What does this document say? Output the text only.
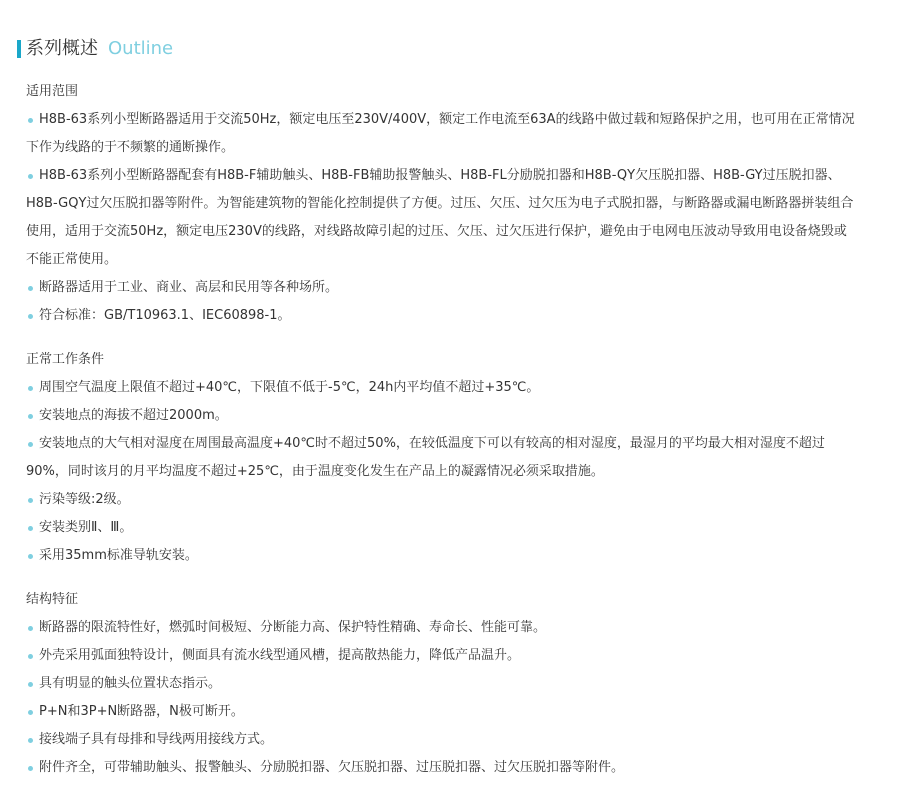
系列概述 Outline
适用范围
H8B-63系列小型断路器适用于交流50Hz，额定电压至230V/400V，额定工作电流至63A的线路中做过载和短路保护之用，也可用在正常情况下作为线路的于不频繁的通断操作。
H8B-63系列小型断路器配套有H8B-F辅助触头、H8B-FB辅助报警触头、H8B-FL分励脱扣器和H8B-QY欠压脱扣器、H8B-GY过压脱扣器、H8B-GQY过欠压脱扣器等附件。为智能建筑物的智能化控制提供了方便。过压、欠压、过欠压为电子式脱扣器，与断路器或漏电断路器拼装组合使用，适用于交流50Hz，额定电压230V的线路，对线路故障引起的过压、欠压、过欠压进行保护，避免由于电网电压波动导致用电设备烧毁或不能正常使用。
断路器适用于工业、商业、高层和民用等各种场所。
符合标准：GB/T10963.1、IEC60898-1。
正常工作条件
周围空气温度上限值不超过+40℃，下限值不低于-5℃，24h内平均值不超过+35℃。
安装地点的海拔不超过2000m。
安装地点的大气相对湿度在周围最高温度+40℃时不超过50%，在较低温度下可以有较高的相对湿度，最湿月的平均最大相对湿度不超过90%，同时该月的月平均温度不超过+25℃，由于温度变化发生在产品上的凝露情况必须采取措施。
污染等级:2级。
安装类别Ⅱ、Ⅲ。
采用35mm标准导轨安装。
结构特征
断路器的限流特性好，燃弧时间极短、分断能力高、保护特性精确、寿命长、性能可靠。
外壳采用弧面独特设计，侧面具有流水线型通风槽，提高散热能力，降低产品温升。
具有明显的触头位置状态指示。
P+N和3P+N断路器，N极可断开。
接线端子具有母排和导线两用接线方式。
附件齐全，可带辅助触头、报警触头、分励脱扣器、欠压脱扣器、过压脱扣器、过欠压脱扣器等附件。
